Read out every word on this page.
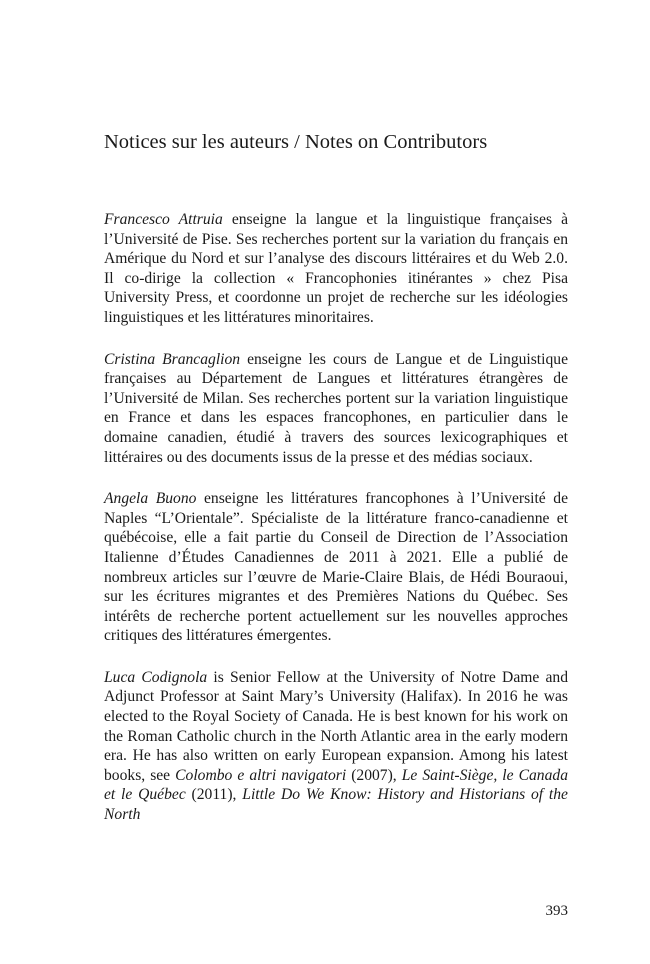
Notices sur les auteurs / Notes on Contributors

Francesco Attruia enseigne la langue et la linguistique françaises à l’Université de Pise. Ses recherches portent sur la variation du français en Amérique du Nord et sur l’analyse des discours littéraires et du Web 2.0. Il co-dirige la collection « Francophonies itinérantes » chez Pisa University Press, et coordonne un projet de recherche sur les idéologies linguistiques et les littératures minoritaires.

Cristina Brancaglion enseigne les cours de Langue et de Linguistique françaises au Département de Langues et littératures étrangères de l’Université de Milan. Ses recherches portent sur la variation linguistique en France et dans les espaces francophones, en particulier dans le domaine canadien, étudié à travers des sources lexicographiques et littéraires ou des documents issus de la presse et des médias sociaux.

Angela Buono enseigne les littératures francophones à l’Université de Naples “L’Orientale”. Spécialiste de la littérature franco-canadienne et québécoise, elle a fait partie du Conseil de Direction de l’Association Italienne d’Études Canadiennes de 2011 à 2021. Elle a publié de nombreux articles sur l’œuvre de Marie-Claire Blais, de Hédi Bouraoui, sur les écritures migrantes et des Premières Nations du Québec. Ses intérêts de recherche portent actuellement sur les nouvelles approches critiques des littératures émergentes.

Luca Codignola is Senior Fellow at the University of Notre Dame and Adjunct Professor at Saint Mary’s University (Halifax). In 2016 he was elected to the Royal Society of Canada. He is best known for his work on the Roman Catholic church in the North Atlantic area in the early modern era. He has also written on early European expansion. Among his latest books, see Colombo e altri navigatori (2007), Le Saint-Siège, le Canada et le Québec (2011), Little Do We Know: History and Historians of the North

393
